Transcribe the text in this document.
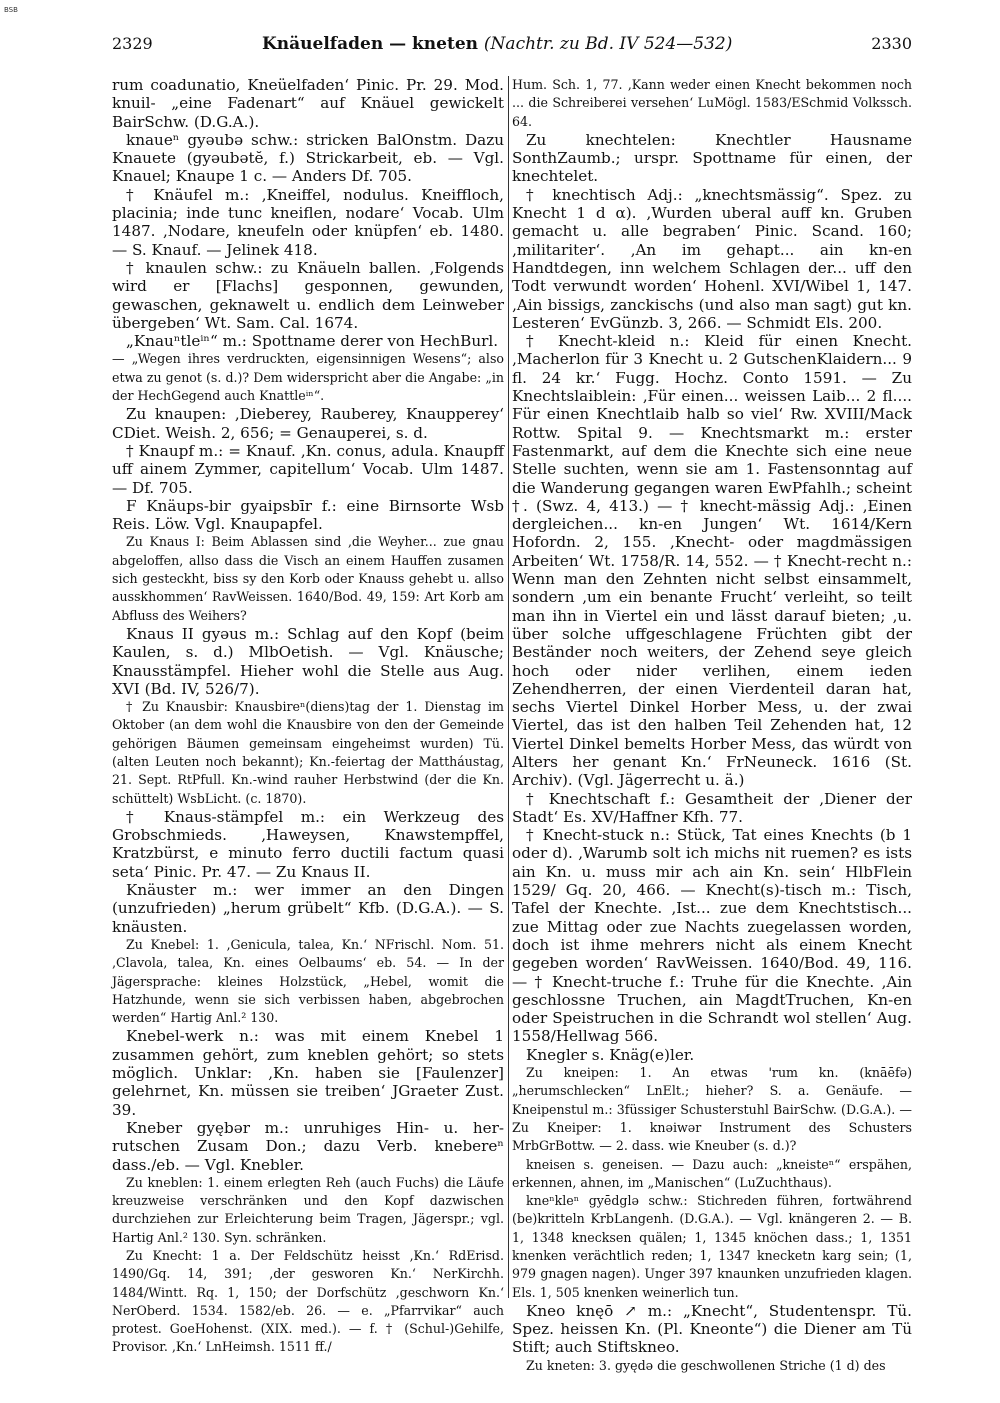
BSB
2329	Knäuelfaden — kneten (Nachtr. zu Bd. IV 524—532)	2330

rum coadunatio, Kneüelfaden‘ Pinic. Pr. 29. Mod. knuil- „eine Fadenart“ auf Knäuel gewickelt BairSchw. (D.G.A.).

knaueⁿ gyəubə schw.: stricken BalOnstm. Dazu Knauete (gyəubətĕ, f.) Strickarbeit, eb. — Vgl. Knauel; Knaupe 1 c. — Anders Df. 705.

† Knäufel m.: ‚Kneiffel, nodulus. Kneiffloch, placinia; inde tunc kneiflen, nodare‘ Vocab. Ulm 1487. ‚Nodare, kneufeln oder knüpfen‘ eb. 1480. — S. Knauf. — Jelinek 418.

† knaulen schw.: zu Knäueln ballen. ‚Folgends wird er [Flachs] gesponnen, gewunden, gewaschen, geknawelt u. endlich dem Leinweber übergeben‘ Wt. Sam. Cal. 1674.

„Knauⁿtleⁱⁿ“ m.: Spottname derer von HechBurl.

— „Wegen ihres verdruckten, eigensinnigen Wesens“; also etwa zu genot (s. d.)? Dem widerspricht aber die Angabe: „in der HechGegend auch Knattleⁱⁿ“.

Zu knaupen: ‚Dieberey, Rauberey, Knaupperey‘ CDiet. Weish. 2, 656; = Genauperei, s. d.

† Knaupf m.: = Knauf. ‚Kn. conus, adula. Knaupff uff ainem Zymmer, capitellum‘ Vocab. Ulm 1487. — Df. 705.

F Knäups-bir gyaipsbīr f.: eine Birnsorte Wsb Reis. Löw. Vgl. Knaupapfel.

Zu Knaus I: Beim Ablassen sind ‚die Weyher... zue gnau abgeloffen, allso dass die Visch an einem Hauffen zusamen sich gesteckht, biss sy den Korb oder Knauss gehebt u. allso ausskhommen‘ RavWeissen. 1640/Bod. 49, 159: Art Korb am Abfluss des Weihers?

Knaus II gyəus m.: Schlag auf den Kopf (beim Kaulen, s. d.) MlbOetish. — Vgl. Knäusche; Knausstämpfel. Hieher wohl die Stelle aus Aug. XVI (Bd. IV, 526/7).

† Zu Knausbir: Knausbireⁿ(diens)tag der 1. Dienstag im Oktober (an dem wohl die Knausbire von den der Gemeinde gehörigen Bäumen gemeinsam eingeheimst wurden) Tü. (alten Leuten noch bekannt); Kn.-feiertag der Mattháustag, 21. Sept. RtPfull. Kn.-wind rauher Herbstwind (der die Kn. schüttelt) WsbLicht. (c. 1870).

† Knaus-stämpfel m.: ein Werkzeug des Grobschmieds. ‚Haweysen, Knawstempffel, Kratzbürst, e minuto ferro ductili factum quasi seta‘ Pinic. Pr. 47. — Zu Knaus II.

Knäuster m.: wer immer an den Dingen (unzufrieden) „herum grübelt“ Kfb. (D.G.A.). — S. knäusten.

Zu Knebel: 1. ‚Genicula, talea, Kn.‘ NFrischl. Nom. 51. ‚Clavola, talea, Kn. eines Oelbaums‘ eb. 54. — In der Jägersprache: kleines Holzstück, „Hebel, womit die Hatzhunde, wenn sie sich verbissen haben, abgebrochen werden“ Hartig Anl.² 130.

Knebel-werk n.: was mit einem Knebel 1 zusammen gehört, zum kneblen gehört; so stets möglich. Unklar: ‚Kn. haben sie [Faulenzer] gelehrnet, Kn. müssen sie treiben‘ JGraeter Zust. 39.

Kneber gyębər m.: unruhiges Hin- u. her-rutschen Zusam Don.; dazu Verb. knebereⁿ dass./eb. — Vgl. Knebler.

Zu kneblen: 1. einem erlegten Reh (auch Fuchs) die Läufe kreuzweise verschränken und den Kopf dazwischen durchziehen zur Erleichterung beim Tragen, Jägerspr.; vgl. Hartig Anl.² 130. Syn. schränken.

Zu Knecht: 1 a. Der Feldschütz heisst ‚Kn.‘ RdErisd. 1490/Gq. 14, 391; ‚der gesworen Kn.‘ NerKirchh. 1484/Wintt. Rq. 1, 150; der Dorfschütz ‚geschworn Kn.‘ NerOberd. 1534. 1582/eb. 26. — e. „Pfarrvikar“ auch protest. GoeHohenst. (XIX. med.). — f. † (Schul-)Gehilfe, Provisor. ‚Kn.‘ LnHeimsh. 1511 ff./

Hum. Sch. 1, 77. ‚Kann weder einen Knecht bekommen noch ... die Schreiberei versehen‘ LuMögl. 1583/ESchmid Volkssch. 64.

Zu knechtelen: Knechtler Hausname SonthZaumb.; urspr. Spottname für einen, der knechtelet.

† knechtisch Adj.: „knechtsmässig“. Spez. zu Knecht 1 d α). ‚Wurden uberal auff kn. Gruben gemacht u. alle begraben‘ Pinic. Scand. 160; ‚militariter‘. ‚An im gehapt... ain kn-en Handtdegen, inn welchem Schlagen der... uff den Todt verwundt worden‘ Hohenl. XVI/Wibel 1, 147. ‚Ain bissigs, zanckischs (und also man sagt) gut kn. Lesteren‘ EvGünzb. 3, 266. — Schmidt Els. 200.

† Knecht-kleid n.: Kleid für einen Knecht. ‚Macherlon für 3 Knecht u. 2 GutschenKlaidern... 9 fl. 24 kr.‘ Fugg. Hochz. Conto 1591. — Zu Knechtslaiblein: ‚Für einen... weissen Laib... 2 fl.... Für einen Knechtlaib halb so viel‘ Rw. XVIII/Mack Rottw. Spital 9. — Knechtsmarkt m.: erster Fastenmarkt, auf dem die Knechte sich eine neue Stelle suchten, wenn sie am 1. Fastensonntag auf die Wanderung gegangen waren EwPfahlh.; scheint †. (Swz. 4, 413.) — † knecht-mässig Adj.: ‚Einen dergleichen... kn-en Jungen‘ Wt. 1614/Kern Hofordn. 2, 155. ‚Knecht- oder magdmässigen Arbeiten‘ Wt. 1758/R. 14, 552. — † Knecht-recht n.: Wenn man den Zehnten nicht selbst einsammelt, sondern ‚um ein benante Frucht‘ verleiht, so teilt man ihn in Viertel ein und lässt darauf bieten; ‚u. über solche uffgeschlagene Früchten gibt der Beständer noch weiters, der Zehend seye gleich hoch oder nider verlihen, einem ieden Zehendherren, der einen Vierdenteil daran hat, sechs Viertel Dinkel Horber Mess, u. der zwai Viertel, das ist den halben Teil Zehenden hat, 12 Viertel Dinkel bemelts Horber Mess, das würdt von Alters her genant Kn.‘ FrNeuneck. 1616 (St. Archiv). (Vgl. Jägerrecht u. ä.)

† Knechtschaft f.: Gesamtheit der ‚Diener der Stadt‘ Es. XV/Haffner Kfh. 77.

† Knecht-stuck n.: Stück, Tat eines Knechts (b 1 oder d). ‚Warumb solt ich michs nit ruemen? es ists ain Kn. u. muss mir ach ain Kn. sein‘ HlbFlein 1529/ Gq. 20, 466. — Knecht(s)-tisch m.: Tisch, Tafel der Knechte. ‚Ist... zue dem Knechtstisch... zue Mittag oder zue Nachts zuegelassen worden, doch ist ihme mehrers nicht als einem Knecht gegeben worden‘ RavWeissen. 1640/Bod. 49, 116. — † Knecht-truche f.: Truhe für die Knechte. ‚Ain geschlossne Truchen, ain MagdtTruchen, Kn-en oder Speistruchen in die Schrandt wol stellen‘ Aug. 1558/Hellwag 566.

Knegler s. Knäg(e)ler.

Zu kneipen: 1. An etwas 'rum kn. (knāēfə) „herumschlecken“ LnElt.; hieher? S. a. Genäufe. — Kneipenstul m.: 3füssiger Schusterstuhl BairSchw. (D.G.A.). — Zu Kneiper: 1. knəiwər Instrument des Schusters MrbGrBottw. — 2. dass. wie Kneuber (s. d.)?

kneisen s. geneisen. — Dazu auch: „kneisteⁿ“ erspähen, erkennen, ahnen, im „Manischen“ (LuZuchthaus).

kneⁿkleⁿ gyēdglə schw.: Stichreden führen, fortwährend (be)kritteln KrbLangenh. (D.G.A.). — Vgl. knängeren 2. — B. 1, 1348 knecksen quälen; 1, 1345 knöchen dass.; 1, 1351 knenken verächtlich reden; 1, 1347 knecketn karg sein; (1, 979 gnagen nagen). Unger 397 knaunken unzufrieden klagen. Els. 1, 505 knenken weinerlich tun.

Kneo knęō ↗ m.: „Knecht“, Studentenspr. Tü. Spez. heissen Kn. (Pl. Kneonte“) die Diener am Tü Stift; auch Stiftskneo.

Zu kneten: 3. gyędə die geschwollenen Striche (1 d) des
